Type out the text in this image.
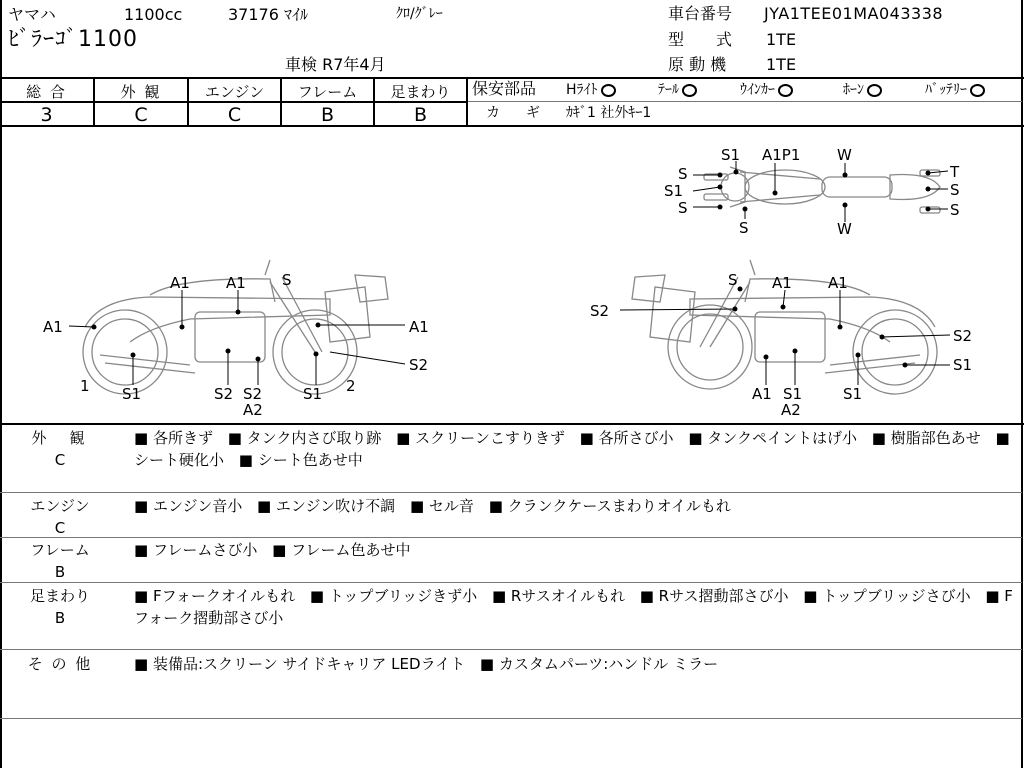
ヤマハ	1100cc	37176 ﾏｲﾙ	ｸﾛ/ｸﾞﾚｰ
ﾋﾞﾗｰｺﾞ1100
車検 R7年4月
車台番号 JYA1TEE01MA043338
型　　式 1TE
原 動 機 1TE
総 合	外 観	エンジン	フレーム	足まわり
3	C	C	B	B
保安部品 Hﾗｲﾄ	ﾃｰﾙ	ｳｲﾝｶｰ	ﾎｰﾝ	ﾊﾞｯﾃﾘｰ
カ　ギ ｶｷﾞ1 社外ｷｰ1
S1 A1P1 W
S
S1
S
S	W
T
S
S
A1 A1 S
A1	A1
1 S1	S2 S2
A2
S1 2
S2
S A1 A1
S2
S2
S1
A1 S1
A2
S1
外　観
C
■ 各所きず ■ タンク内さび取り跡 ■ スクリーンこすりきず ■ 各所さび小 ■ タンクペイントはげ小 ■ 樹脂部色あせ ■ シート硬化小 ■ シート色あせ中
エンジン
C
■ エンジン音小 ■ エンジン吹け不調 ■ セル音 ■ クランクケースまわりオイルもれ
フレーム
B
■ フレームさび小 ■ フレーム色あせ中
足まわり
B
■ Fフォークオイルもれ ■ トップブリッジきず小 ■ Rサスオイルもれ ■ Rサス摺動部さび小 ■ トップブリッジさび小 ■ Fフォーク摺動部さび小
そ の 他	■ 装備品:スクリーン サイドキャリア LEDライト ■ カスタムパーツ:ハンドル ミラー
